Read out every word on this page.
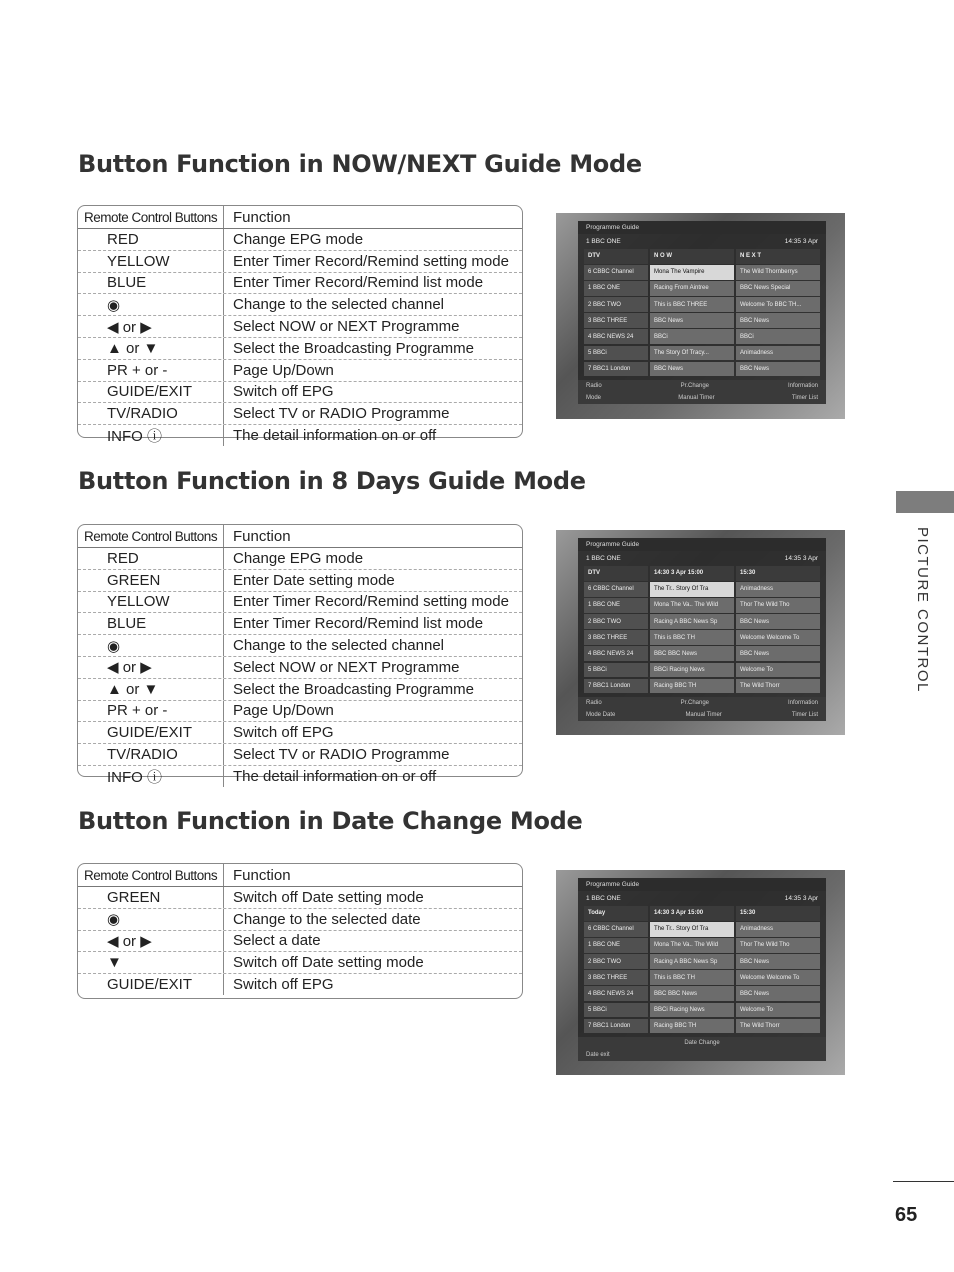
Button Function in NOW/NEXT Guide Mode
Remote Control Buttons	Function
RED	Change EPG mode
YELLOW	Enter Timer Record/Remind setting mode
BLUE	Enter Timer Record/Remind list mode
◉	Change to the selected channel
◀ or ▶	Select NOW or NEXT Programme
▲ or ▼	Select the Broadcasting Programme
PR + or -	Page Up/Down
GUIDE/EXIT	Switch off EPG
TV/RADIO	Select TV or RADIO Programme
INFO ⓘ	The detail information on or off
Programme Guide
1 BBC ONE	14:35 3 Apr
DTV	N O W	N E X T
6 CBBC Channel	Mona The Vampire	The Wild Thornberrys
1 BBC ONE	Racing From Aintree	BBC News Special
2 BBC TWO	This is BBC THREE	Welcome To BBC TH...
3 BBC THREE	BBC News	BBC News
4 BBC NEWS 24	BBCi	BBCi
5 BBCi	The Story Of Tracy...	Animadness
7 BBC1 London	BBC News	BBC News
Radio	Pr.Change	Information
Mode	Manual Timer	Timer List
Button Function in 8 Days Guide Mode
Remote Control Buttons	Function
RED	Change EPG mode
GREEN	Enter Date setting mode
YELLOW	Enter Timer Record/Remind setting mode
BLUE	Enter Timer Record/Remind list mode
◉	Change to the selected channel
◀ or ▶	Select NOW or NEXT Programme
▲ or ▼	Select the Broadcasting Programme
PR + or -	Page Up/Down
GUIDE/EXIT	Switch off EPG
TV/RADIO	Select TV or RADIO Programme
INFO ⓘ	The detail information on or off
Programme Guide
1 BBC ONE	14:35 3 Apr
DTV	14:30 3 Apr 15:00	15:30
6 CBBC Channel	The Tr.. Story Of Tra	Animadness
1 BBC ONE	Mona The Va.. The Wild	Thor The Wild Tho
2 BBC TWO	Racing A BBC News Sp	BBC News
3 BBC THREE	This is BBC TH	Welcome Welcome To
4 BBC NEWS 24	BBC BBC News	BBC News
5 BBCi	BBCi Racing News	Welcome To
7 BBC1 London	Racing BBC TH	The Wild Thorr
Radio	Pr.Change	Information
Mode Date	Manual Timer	Timer List
Button Function in Date Change Mode
Remote Control Buttons	Function
GREEN	Switch off Date setting mode
◉	Change to the selected date
◀ or ▶	Select a date
▼	Switch off Date setting mode
GUIDE/EXIT	Switch off EPG
Programme Guide
1 BBC ONE	14:35 3 Apr
Today	14:30 3 Apr 15:00	15:30
6 CBBC Channel	The Tr.. Story Of Tra	Animadness
1 BBC ONE	Mona The Va.. The Wild	Thor The Wild Tho
2 BBC TWO	Racing A BBC News Sp	BBC News
3 BBC THREE	This is BBC TH	Welcome Welcome To
4 BBC NEWS 24	BBC BBC News	BBC News
5 BBCi	BBCi Racing News	Welcome To
7 BBC1 London	Racing BBC TH	The Wild Thorr
Date Change
Date exit
PICTURE CONTROL
65
